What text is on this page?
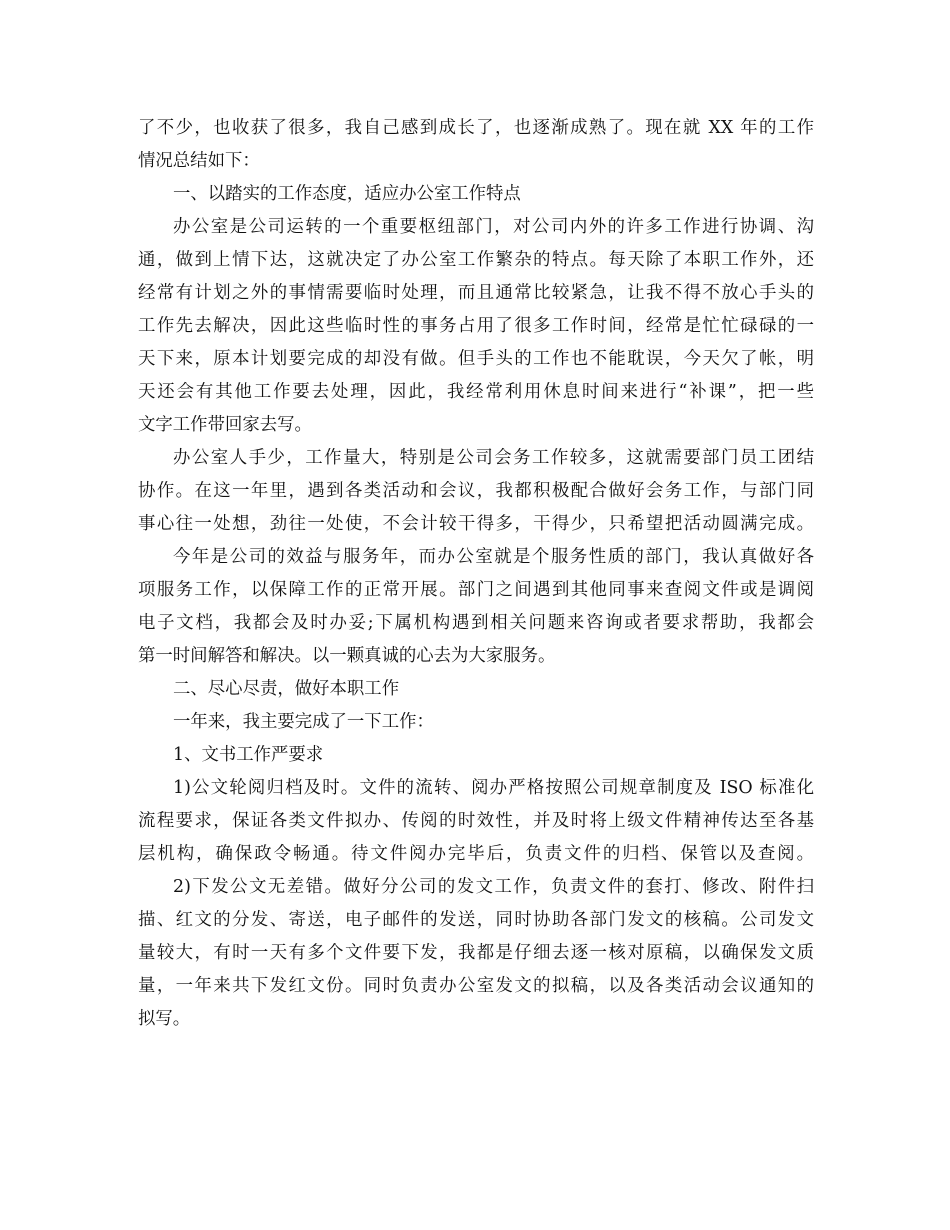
了不少，也收获了很多，我自己感到成长了，也逐渐成熟了。现在就 XX 年的工作
情况总结如下：
一、以踏实的工作态度，适应办公室工作特点
办公室是公司运转的一个重要枢纽部门，对公司内外的许多工作进行协调、沟
通，做到上情下达，这就决定了办公室工作繁杂的特点。每天除了本职工作外，还
经常有计划之外的事情需要临时处理，而且通常比较紧急，让我不得不放心手头的
工作先去解决，因此这些临时性的事务占用了很多工作时间，经常是忙忙碌碌的一
天下来，原本计划要完成的却没有做。但手头的工作也不能耽误，今天欠了帐，明
天还会有其他工作要去处理，因此，我经常利用休息时间来进行“补课”，把一些
文字工作带回家去写。
办公室人手少，工作量大，特别是公司会务工作较多，这就需要部门员工团结
协作。在这一年里，遇到各类活动和会议，我都积极配合做好会务工作，与部门同
事心往一处想，劲往一处使，不会计较干得多，干得少，只希望把活动圆满完成。
今年是公司的效益与服务年，而办公室就是个服务性质的部门，我认真做好各
项服务工作，以保障工作的正常开展。部门之间遇到其他同事来查阅文件或是调阅
电子文档，我都会及时办妥;下属机构遇到相关问题来咨询或者要求帮助，我都会
第一时间解答和解决。以一颗真诚的心去为大家服务。
二、尽心尽责，做好本职工作
一年来，我主要完成了一下工作：
1、文书工作严要求
1)公文轮阅归档及时。文件的流转、阅办严格按照公司规章制度及 ISO 标准化
流程要求，保证各类文件拟办、传阅的时效性，并及时将上级文件精神传达至各基
层机构，确保政令畅通。待文件阅办完毕后，负责文件的归档、保管以及查阅。
2)下发公文无差错。做好分公司的发文工作，负责文件的套打、修改、附件扫
描、红文的分发、寄送，电子邮件的发送，同时协助各部门发文的核稿。公司发文
量较大，有时一天有多个文件要下发，我都是仔细去逐一核对原稿，以确保发文质
量，一年来共下发红文份。同时负责办公室发文的拟稿，以及各类活动会议通知的
拟写。
